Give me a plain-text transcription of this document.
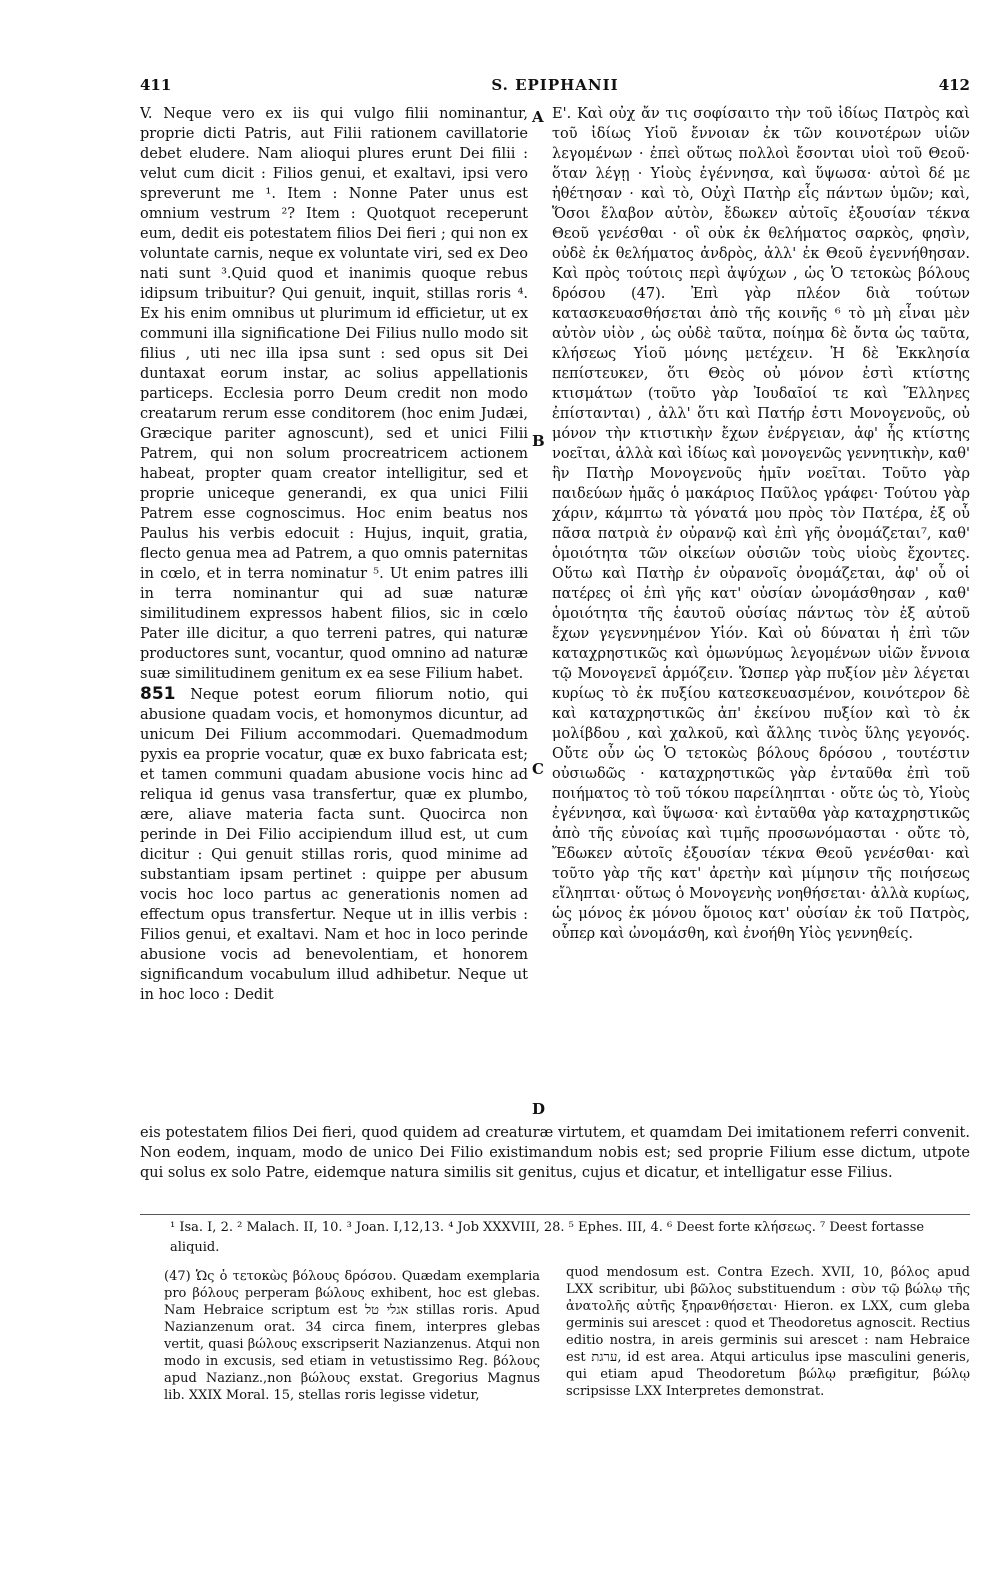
411	S. EPIPHANII	412
A
B
C
D

V. Neque vero ex iis qui vulgo filii nominantur, proprie dicti Patris, aut Filii rationem cavillatorie debet eludere. Nam alioqui plures erunt Dei filii : velut cum dicit : Filios genui, et exaltavi, ipsi vero spreverunt me ¹. Item : Nonne Pater unus est omnium vestrum ²? Item : Quotquot receperunt eum, dedit eis potestatem filios Dei fieri ; qui non ex voluntate carnis, neque ex voluntate viri, sed ex Deo nati sunt ³.Quid quod et inanimis quoque rebus idipsum tribuitur? Qui genuit, inquit, stillas roris ⁴. Ex his enim omnibus ut plurimum id efficietur, ut ex communi illa significatione Dei Filius nullo modo sit filius , uti nec illa ipsa sunt : sed opus sit Dei duntaxat eorum instar, ac solius appellationis particeps. Ecclesia porro Deum credit non modo creatarum rerum esse conditorem (hoc enim Judæi, Græcique pariter agnoscunt), sed et unici Filii Patrem, qui non solum procreatricem actionem habeat, propter quam creator intelligitur, sed et proprie uniceque generandi, ex qua unici Filii Patrem esse cognoscimus. Hoc enim beatus nos Paulus his verbis edocuit : Hujus, inquit, gratia, flecto genua mea ad Patrem, a quo omnis paternitas in cœlo, et in terra nominatur ⁵. Ut enim patres illi in terra nominantur qui ad suæ naturæ similitudinem expressos habent filios, sic in cœlo Pater ille dicitur, a quo terreni patres, qui naturæ productores sunt, vocantur, quod omnino ad naturæ suæ similitudinem genitum ex ea sese Filium habet.

851 Neque potest eorum filiorum notio, qui abusione quadam vocis, et homonymos dicuntur, ad unicum Dei Filium accommodari. Quemadmodum pyxis ea proprie vocatur, quæ ex buxo fabricata est; et tamen communi quadam abusione vocis hinc ad reliqua id genus vasa transfertur, quæ ex plumbo, ære, aliave materia facta sunt. Quocirca non perinde in Dei Filio accipiendum illud est, ut cum dicitur : Qui genuit stillas roris, quod minime ad substantiam ipsam pertinet : quippe per abusum vocis hoc loco partus ac generationis nomen ad effectum opus transfertur. Neque ut in illis verbis : Filios genui, et exaltavi. Nam et hoc in loco perinde abusione vocis ad benevolentiam, et honorem significandum vocabulum illud adhibetur. Neque ut in hoc loco : Dedit

Ε'. Καὶ οὐχ ἄν τις σοφίσαιτο τὴν τοῦ ἰδίως Πατρὸς καὶ τοῦ ἰδίως Υἱοῦ ἔννοιαν ἐκ τῶν κοινοτέρων υἱῶν λεγομένων · ἐπεὶ οὕτως πολλοὶ ἔσονται υἱοὶ τοῦ Θεοῦ· ὅταν λέγῃ · Υἱοὺς ἐγέννησα, καὶ ὕψωσα· αὐτοὶ δέ με ἠθέτησαν · καὶ τὸ, Οὐχὶ Πατὴρ εἷς πάντων ὑμῶν; καὶ, Ὅσοι ἔλαβον αὐτὸν, ἔδωκεν αὐτοῖς ἐξουσίαν τέκνα Θεοῦ γενέσθαι · οἳ οὐκ ἐκ θελήματος σαρκὸς, φησὶν, οὐδὲ ἐκ θελήματος ἀνδρὸς, ἀλλ' ἐκ Θεοῦ ἐγεννήθησαν. Καὶ πρὸς τούτοις περὶ ἀψύχων , ὡς Ὁ τετοκὼς βόλους δρόσου (47). Ἐπὶ γὰρ πλέον διὰ τούτων κατασκευασθήσεται ἀπὸ τῆς κοινῆς ⁶ τὸ μὴ εἶναι μὲν αὐτὸν υἱὸν , ὡς οὐδὲ ταῦτα, ποίημα δὲ ὄντα ὡς ταῦτα, κλήσεως Υἱοῦ μόνης μετέχειν. Ἡ δὲ Ἐκκλησία πεπίστευκεν, ὅτι Θεὸς οὐ μόνον ἐστὶ κτίστης κτισμάτων (τοῦτο γὰρ Ἰουδαῖοί τε καὶ Ἕλληνες ἐπίστανται) , ἀλλ' ὅτι καὶ Πατήρ ἐστι Μονογενοῦς, οὐ μόνον τὴν κτιστικὴν ἔχων ἐνέργειαν, ἀφ' ἧς κτίστης νοεῖται, ἀλλὰ καὶ ἰδίως καὶ μονογενῶς γεννητικὴν, καθ' ἣν Πατὴρ Μονογενοῦς ἡμῖν νοεῖται. Τοῦτο γὰρ παιδεύων ἡμᾶς ὁ μακάριος Παῦλος γράφει· Τούτου γὰρ χάριν, κάμπτω τὰ γόνατά μου πρὸς τὸν Πατέρα, ἐξ οὗ πᾶσα πατριὰ ἐν οὐρανῷ καὶ ἐπὶ γῆς ὀνομάζεται⁷, καθ' ὁμοιότητα τῶν οἰκείων οὐσιῶν τοὺς υἱοὺς ἔχοντες. Οὕτω καὶ Πατὴρ ἐν οὐρανοῖς ὀνομάζεται, ἀφ' οὗ οἱ πατέρες οἱ ἐπὶ γῆς κατ' οὐσίαν ὠνομάσθησαν , καθ' ὁμοιότητα τῆς ἑαυτοῦ οὐσίας πάντως τὸν ἐξ αὐτοῦ ἔχων γεγεννημένον Υἱόν. Καὶ οὐ δύναται ἡ ἐπὶ τῶν καταχρηστικῶς καὶ ὁμωνύμως λεγομένων υἱῶν ἔννοια τῷ Μονογενεῖ ἁρμόζειν. Ὥσπερ γὰρ πυξίον μὲν λέγεται κυρίως τὸ ἐκ πυξίου κατεσκευασμένον, κοινότερον δὲ καὶ καταχρηστικῶς ἀπ' ἐκείνου πυξίον καὶ τὸ ἐκ μολίβδου , καὶ χαλκοῦ, καὶ ἄλλης τινὸς ὕλης γεγονός. Οὔτε οὖν ὡς Ὁ τετοκὼς βόλους δρόσου , τουτέστιν οὐσιωδῶς · καταχρηστικῶς γὰρ ἐνταῦθα ἐπὶ τοῦ ποιήματος τὸ τοῦ τόκου παρείληπται · οὔτε ὡς τὸ, Υἱοὺς ἐγέννησα, καὶ ὕψωσα· καὶ ἐνταῦθα γὰρ καταχρηστικῶς ἀπὸ τῆς εὐνοίας καὶ τιμῆς προσωνόμασται · οὔτε τὸ, Ἔδωκεν αὐτοῖς ἐξουσίαν τέκνα Θεοῦ γενέσθαι· καὶ τοῦτο γὰρ τῆς κατ' ἀρετὴν καὶ μίμησιν τῆς ποιήσεως εἴληπται· οὕτως ὁ Μονογενὴς νοηθήσεται· ἀλλὰ κυρίως, ὡς μόνος ἐκ μόνου ὅμοιος κατ' οὐσίαν ἐκ τοῦ Πατρὸς, οὗπερ καὶ ὠνομάσθη, καὶ ἐνοήθη Υἱὸς γεννηθείς.

eis potestatem filios Dei fieri, quod quidem ad creaturæ virtutem, et quamdam Dei imitationem referri convenit. Non eodem, inquam, modo de unico Dei Filio existimandum nobis est; sed proprie Filium esse dictum, utpote qui solus ex solo Patre, eidemque natura similis sit genitus, cujus et dicatur, et intelligatur esse Filius.

¹ Isa. I, 2. ² Malach. II, 10. ³ Joan. I,12,13. ⁴ Job XXXVIII, 28. ⁵ Ephes. III, 4. ⁶ Deest forte κλήσεως. ⁷ Deest fortasse aliquid.

(47) Ὡς ὁ τετοκὼς βόλους δρόσου. Quædam exemplaria pro βόλους perperam βώλους exhibent, hoc est glebas. Nam Hebraice scriptum est אגלי טל stillas roris. Apud Nazianzenum orat. 34 circa finem, interpres glebas vertit, quasi βώλους exscripserit Nazianzenus. Atqui non modo in excusis, sed etiam in vetustissimo Reg. βόλους apud Nazianz.,non βώλους exstat. Gregorius Magnus lib. XXIX Moral. 15, stellas roris legisse videtur,

quod mendosum est. Contra Ezech. XVII, 10, βόλος apud LXX scribitur, ubi βῶλος substituendum : σὺν τῷ βώλῳ τῆς ἀνατολῆς αὐτῆς ξηρανθήσεται· Hieron. ex LXX, cum gleba germinis sui arescet : quod et Theodoretus agnoscit. Rectius editio nostra, in areis germinis sui arescet : nam Hebraice est ערגת, id est area. Atqui articulus ipse masculini generis, qui etiam apud Theodoretum βώλῳ præfigitur, βώλῳ scripsisse LXX Interpretes demonstrat.
